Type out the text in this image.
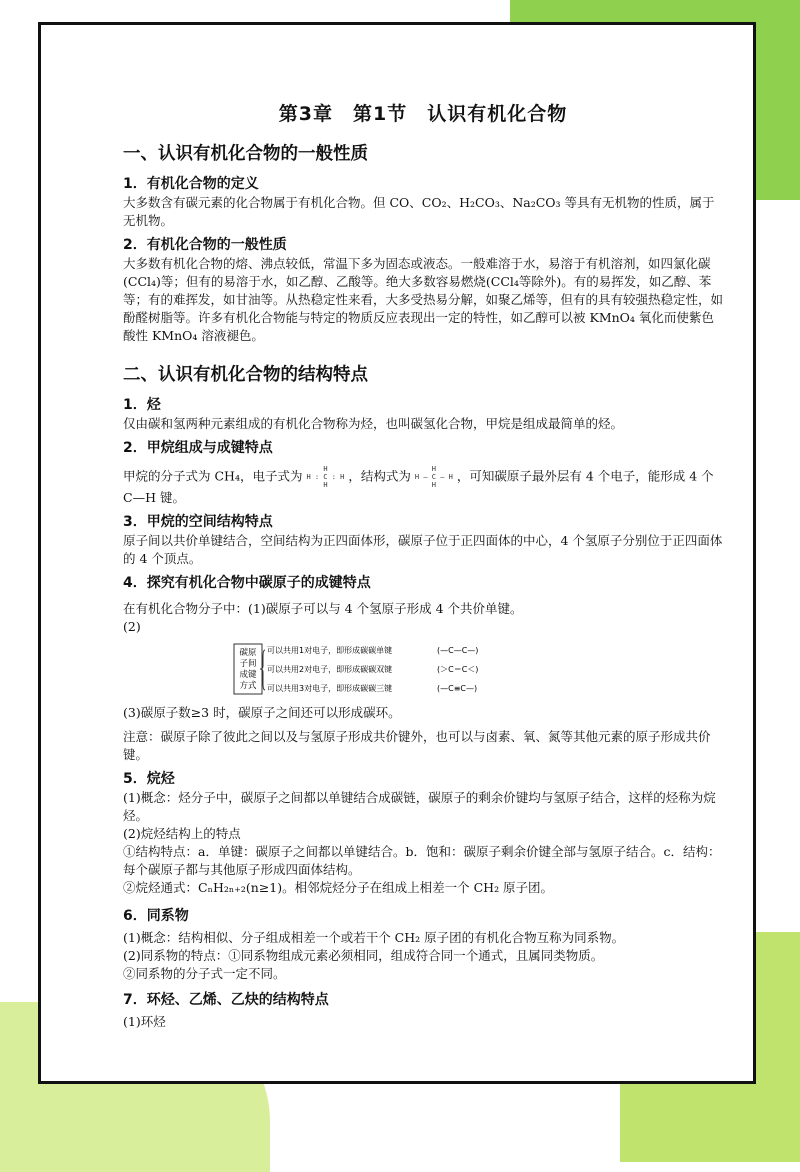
第3章　第1节　认识有机化合物
一、认识有机化合物的一般性质
1．有机化合物的定义

大多数含有碳元素的化合物属于有机化合物。但 CO、CO₂、H₂CO₃、Na₂CO₃ 等具有无机物的性质，属于无机物。

2．有机化合物的一般性质

大多数有机化合物的熔、沸点较低，常温下多为固态或液态。一般难溶于水，易溶于有机溶剂，如四氯化碳(CCl₄)等；但有的易溶于水，如乙醇、乙酸等。绝大多数容易燃烧(CCl₄等除外)。有的易挥发，如乙醇、苯等；有的难挥发，如甘油等。从热稳定性来看，大多受热易分解，如聚乙烯等，但有的具有较强热稳定性，如酚醛树脂等。许多有机化合物能与特定的物质反应表现出一定的特性，如乙醇可以被 KMnO₄ 氧化而使紫色酸性 KMnO₄ 溶液褪色。

二、认识有机化合物的结构特点
1．烃

仅由碳和氢两种元素组成的有机化合物称为烃，也叫碳氢化合物，甲烷是组成最简单的烃。

2．甲烷组成与成键特点

甲烷的分子式为 CH₄，电子式为	H
H : C : H
H，结构式为	H
H — C — H
H，可知碳原子最外层有 4 个电子，能形成 4 个 C—H 键。

3．甲烷的空间结构特点

原子间以共价单键结合，空间结构为正四面体形，碳原子位于正四面体的中心，4 个氢原子分别位于正四面体的 4 个顶点。

4．探究有机化合物中碳原子的成键特点

在有机化合物分子中：(1)碳原子可以与 4 个氢原子形成 4 个共价单键。

(2)

碳原
子间
成键
方式
可以共用1对电子，即形成碳碳单键
可以共用2对电子，即形成碳碳双键
可以共用3对电子，即形成碳碳三键
(—C—C—)
(＞C＝C＜)
(—C≡C—)

(3)碳原子数≥3 时，碳原子之间还可以形成碳环。

注意：碳原子除了彼此之间以及与氢原子形成共价键外，也可以与卤素、氧、氮等其他元素的原子形成共价键。

5．烷烃

(1)概念：烃分子中，碳原子之间都以单键结合成碳链，碳原子的剩余价键均与氢原子结合，这样的烃称为烷烃。

(2)烷烃结构上的特点

①结构特点：a．单键：碳原子之间都以单键结合。b．饱和：碳原子剩余价键全部与氢原子结合。c．结构：每个碳原子都与其他原子形成四面体结构。

②烷烃通式：CₙH₂ₙ₊₂(n≥1)。相邻烷烃分子在组成上相差一个 CH₂ 原子团。

6．同系物

(1)概念：结构相似、分子组成相差一个或若干个 CH₂ 原子团的有机化合物互称为同系物。

(2)同系物的特点：①同系物组成元素必须相同，组成符合同一个通式，且属同类物质。

②同系物的分子式一定不同。

7．环烃、乙烯、乙炔的结构特点

(1)环烃
